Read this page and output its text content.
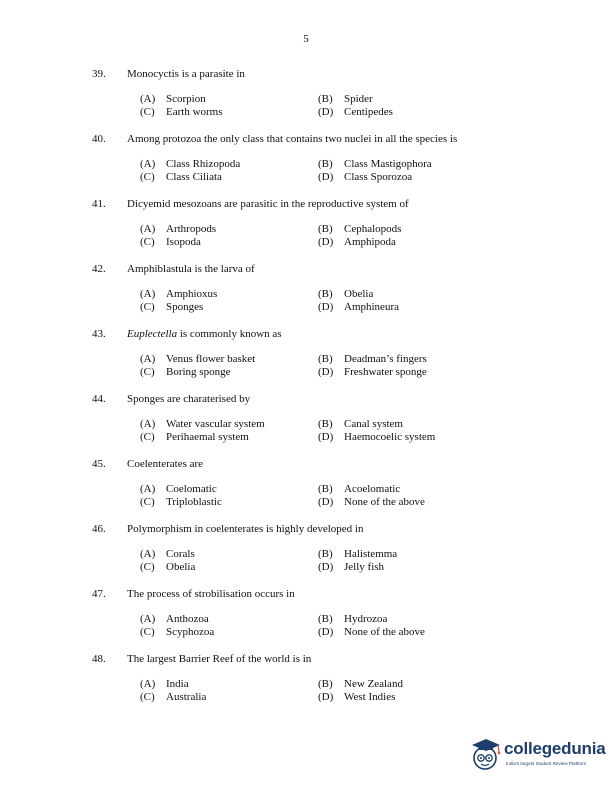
5
39. Monocyctis is a parasite in
(A) Scorpion	(B) Spider
(C) Earth worms	(D) Centipedes
40. Among protozoa the only class that contains two nuclei in all the species is
(A) Class Rhizopoda	(B) Class Mastigophora
(C) Class Ciliata	(D) Class Sporozoa
41. Dicyemid mesozoans are parasitic in the reproductive system of
(A) Arthropods	(B) Cephalopods
(C) Isopoda	(D) Amphipoda
42. Amphiblastula is the larva of
(A) Amphioxus	(B) Obelia
(C) Sponges	(D) Amphineura
43. Euplectella is commonly known as
(A) Venus flower basket	(B) Deadman’s fingers
(C) Boring sponge	(D) Freshwater sponge
44. Sponges are charaterised by
(A) Water vascular system	(B) Canal system
(C) Perihaemal system	(D) Haemocoelic system
45. Coelenterates are
(A) Coelomatic	(B) Acoelomatic
(C) Triploblastic	(D) None of the above
46. Polymorphism in coelenterates is highly developed in
(A) Corals	(B) Halistemma
(C) Obelia	(D) Jelly fish
47. The process of strobilisation occurs in
(A) Anthozoa	(B) Hydrozoa
(C) Scyphozoa	(D) None of the above
48. The largest Barrier Reef of the world is in
(A) India	(B) New Zealand
(C) Australia	(D) West Indies
collegedunia
India's largest Student Review Platform
